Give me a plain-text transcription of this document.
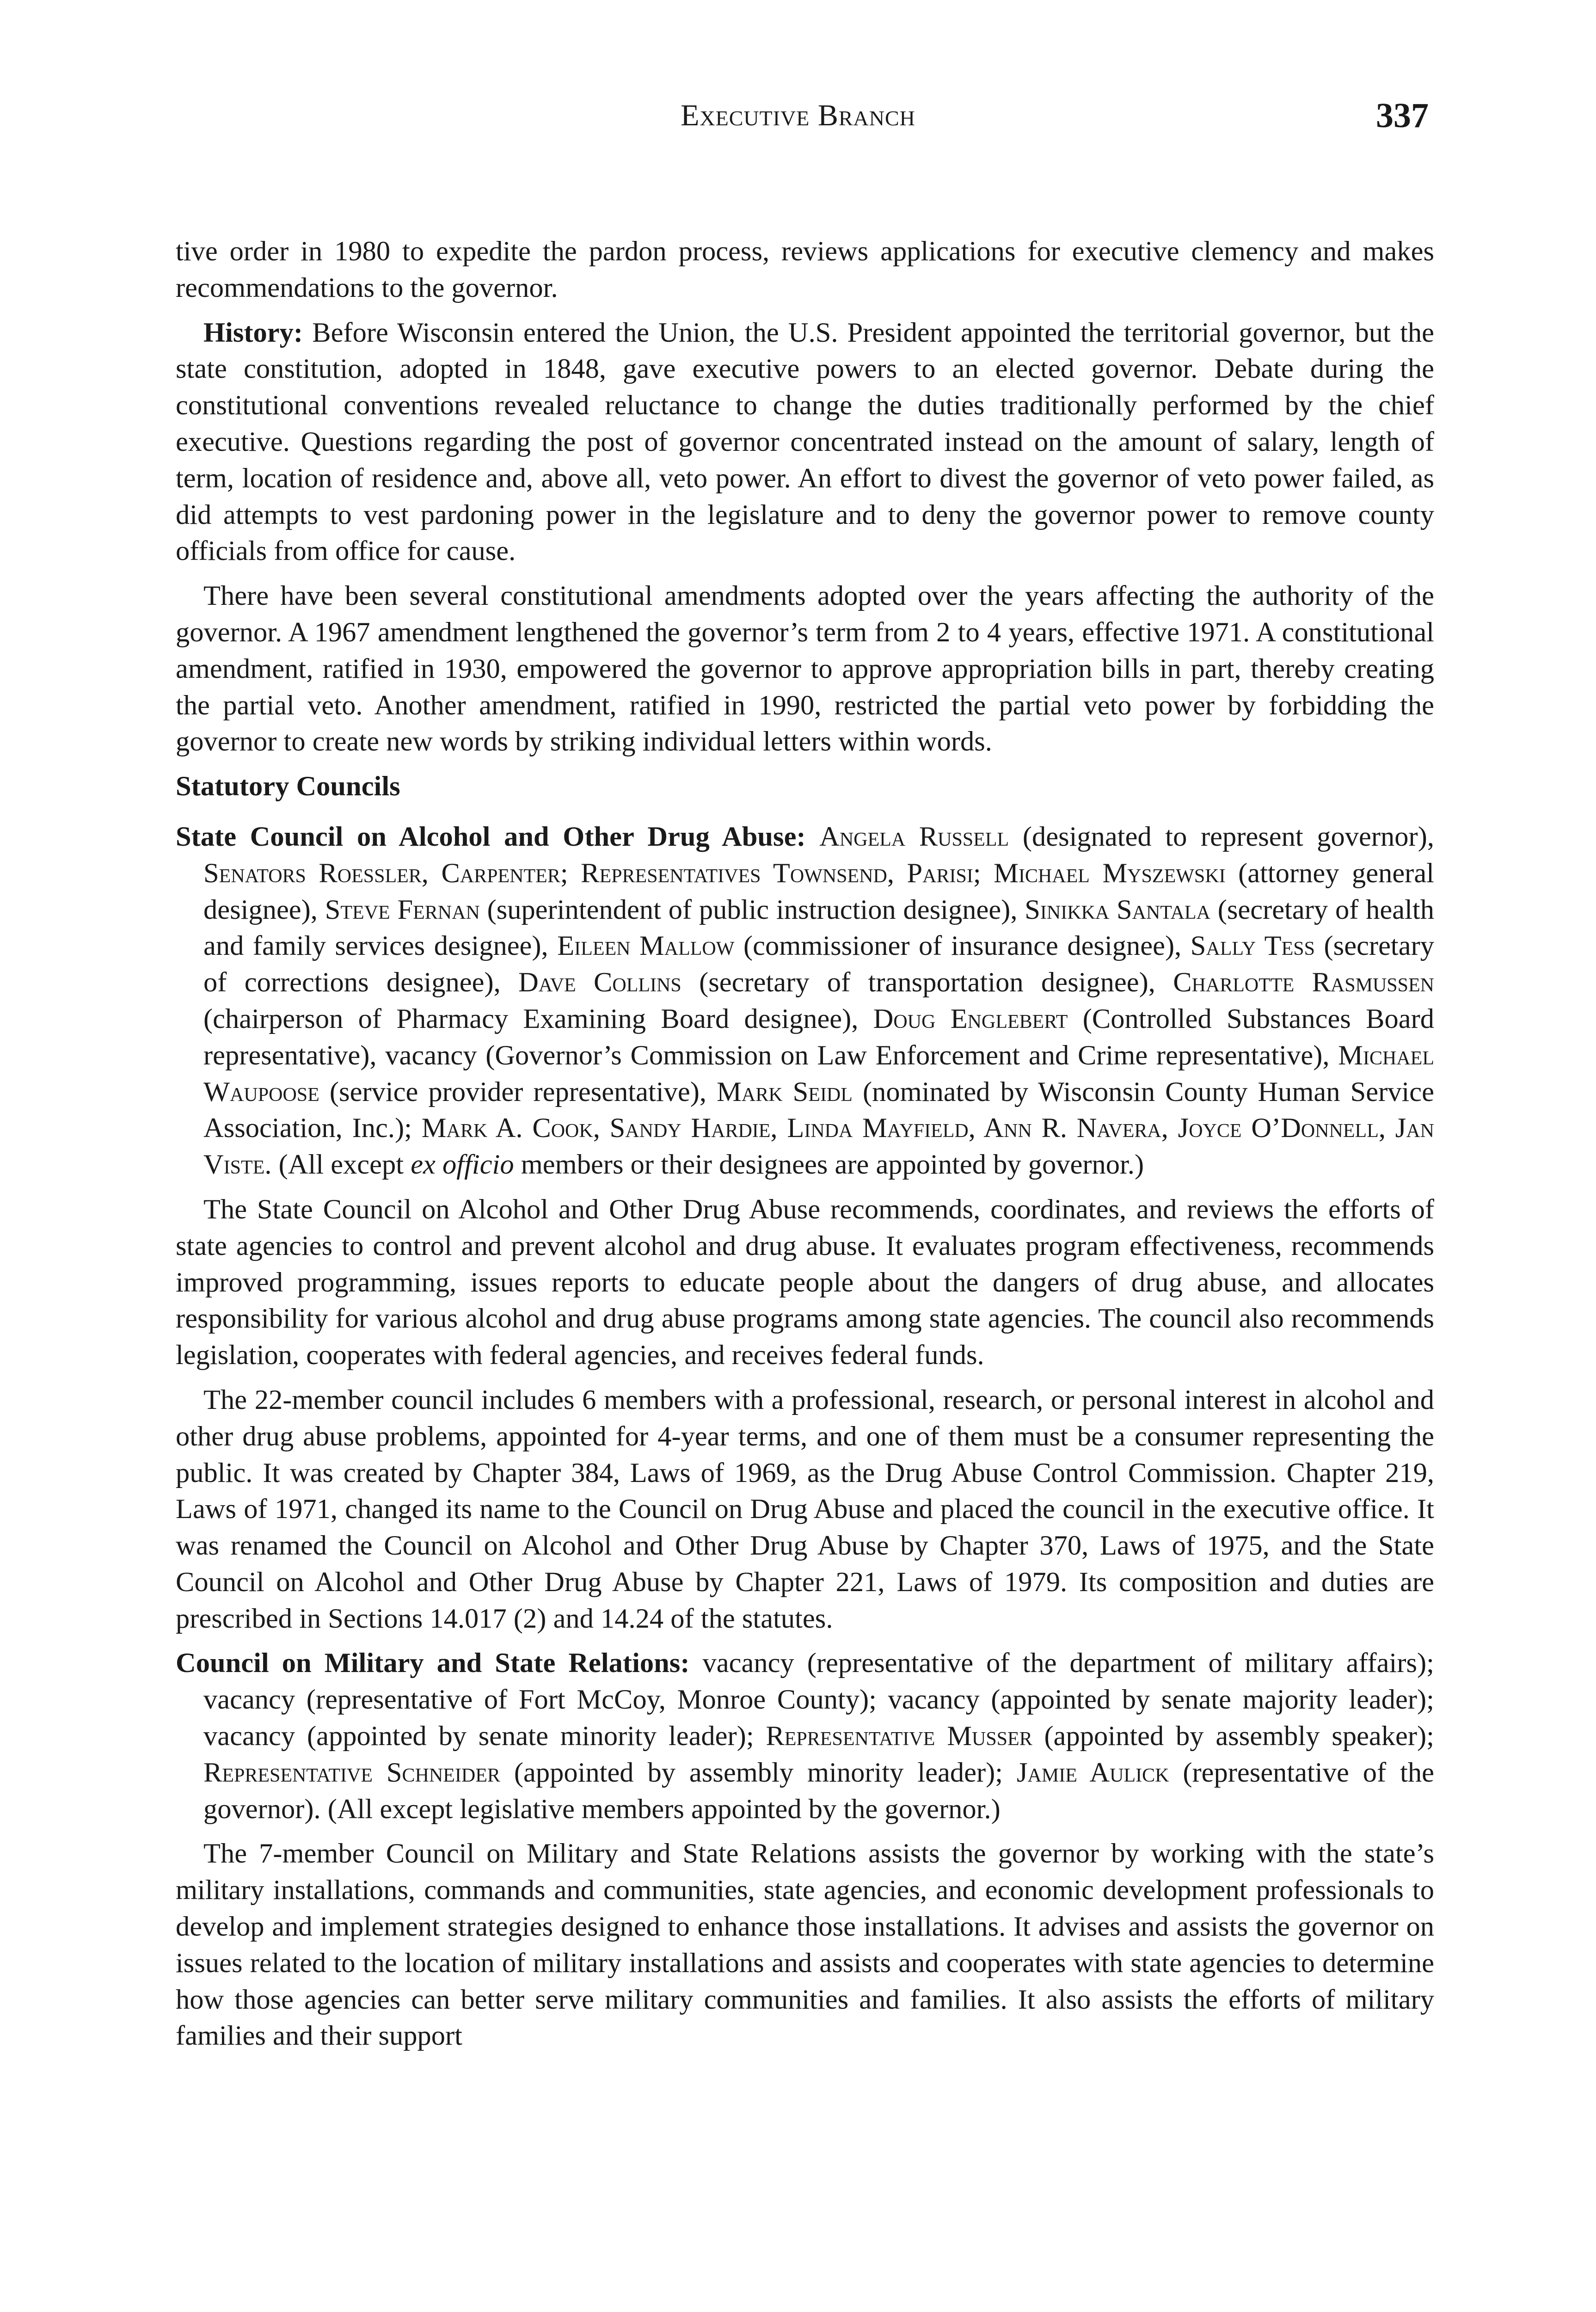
Executive Branch	337

tive order in 1980 to expedite the pardon process, reviews applications for executive clemency and makes recommendations to the governor.

History: Before Wisconsin entered the Union, the U.S. President appointed the territorial governor, but the state constitution, adopted in 1848, gave executive powers to an elected governor. Debate during the constitutional conventions revealed reluctance to change the duties traditionally performed by the chief executive. Questions regarding the post of governor concentrated instead on the amount of salary, length of term, location of residence and, above all, veto power. An effort to divest the governor of veto power failed, as did attempts to vest pardoning power in the legislature and to deny the governor power to remove county officials from office for cause.

There have been several constitutional amendments adopted over the years affecting the authority of the governor. A 1967 amendment lengthened the governor’s term from 2 to 4 years, effective 1971. A constitutional amendment, ratified in 1930, empowered the governor to approve appropriation bills in part, thereby creating the partial veto. Another amendment, ratified in 1990, restricted the partial veto power by forbidding the governor to create new words by striking individual letters within words.

Statutory Councils

State Council on Alcohol and Other Drug Abuse: Angela Russell (designated to represent governor), Senators Roessler, Carpenter; Representatives Townsend, Parisi; Michael Myszewski (attorney general designee), Steve Fernan (superintendent of public instruction designee), Sinikka Santala (secretary of health and family services designee), Eileen Mallow (commissioner of insurance designee), Sally Tess (secretary of corrections designee), Dave Collins (secretary of transportation designee), Charlotte Rasmussen (chairperson of Pharmacy Examining Board designee), Doug Englebert (Controlled Substances Board representative), vacancy (Governor’s Commission on Law Enforcement and Crime representative), Michael Waupoose (service provider representative), Mark Seidl (nominated by Wisconsin County Human Service Association, Inc.); Mark A. Cook, Sandy Hardie, Linda Mayfield, Ann R. Navera, Joyce O’Donnell, Jan Viste. (All except ex officio members or their designees are appointed by governor.)

The State Council on Alcohol and Other Drug Abuse recommends, coordinates, and reviews the efforts of state agencies to control and prevent alcohol and drug abuse. It evaluates program effectiveness, recommends improved programming, issues reports to educate people about the dangers of drug abuse, and allocates responsibility for various alcohol and drug abuse programs among state agencies. The council also recommends legislation, cooperates with federal agencies, and receives federal funds.

The 22-member council includes 6 members with a professional, research, or personal interest in alcohol and other drug abuse problems, appointed for 4-year terms, and one of them must be a consumer representing the public. It was created by Chapter 384, Laws of 1969, as the Drug Abuse Control Commission. Chapter 219, Laws of 1971, changed its name to the Council on Drug Abuse and placed the council in the executive office. It was renamed the Council on Alcohol and Other Drug Abuse by Chapter 370, Laws of 1975, and the State Council on Alcohol and Other Drug Abuse by Chapter 221, Laws of 1979. Its composition and duties are prescribed in Sections 14.017 (2) and 14.24 of the statutes.

Council on Military and State Relations: vacancy (representative of the department of military affairs); vacancy (representative of Fort McCoy, Monroe County); vacancy (appointed by senate majority leader); vacancy (appointed by senate minority leader); Representative Musser (appointed by assembly speaker); Representative Schneider (appointed by assembly minority leader); Jamie Aulick (representative of the governor). (All except legislative members appointed by the governor.)

The 7-member Council on Military and State Relations assists the governor by working with the state’s military installations, commands and communities, state agencies, and economic development professionals to develop and implement strategies designed to enhance those installations. It advises and assists the governor on issues related to the location of military installations and assists and cooperates with state agencies to determine how those agencies can better serve military communities and families. It also assists the efforts of military families and their support
